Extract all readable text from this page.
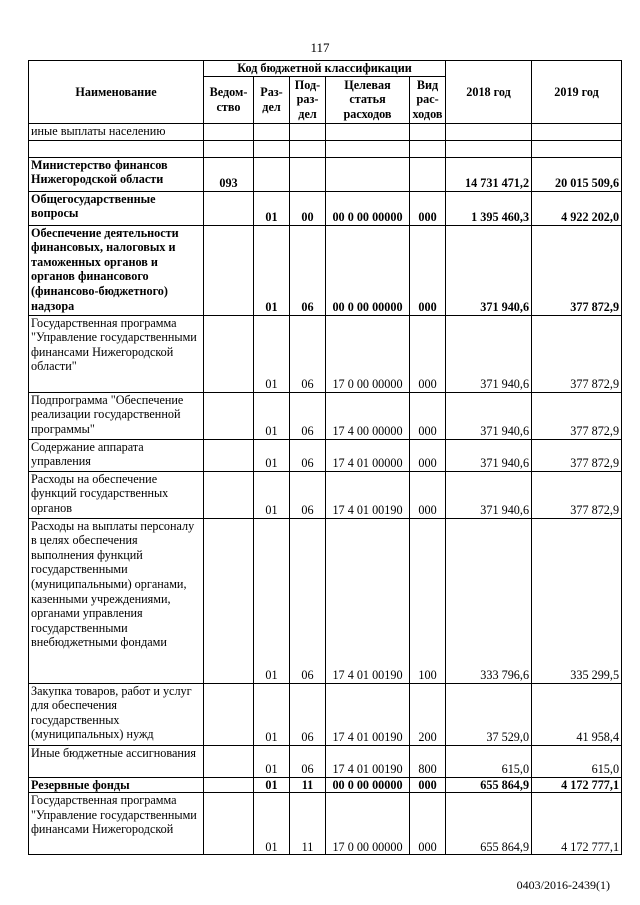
117
Наименование	Код бюджетной классификации					2018 год	2019 год
	Ведом-ство	Раз-дел	Под-раз-дел	Целевая статья расходов	Вид рас-ходов		
иные выплаты населению							

Министерство финансов Нижегородской области	093					14 731 471,2	20 015 509,6
Общегосударственные вопросы		01	00	00 0 00 00000	000	1 395 460,3	4 922 202,0
Обеспечение деятельности финансовых, налоговых и таможенных органов и органов финансового (финансово-бюджетного) надзора		01	06	00 0 00 00000	000	371 940,6	377 872,9
Государственная программа "Управление государственными финансами Нижегородской области"		01	06	17 0 00 00000	000	371 940,6	377 872,9
Подпрограмма "Обеспечение реализации государственной программы"		01	06	17 4 00 00000	000	371 940,6	377 872,9
Содержание аппарата управления		01	06	17 4 01 00000	000	371 940,6	377 872,9
Расходы на обеспечение функций государственных органов		01	06	17 4 01 00190	000	371 940,6	377 872,9
Расходы на выплаты персоналу в целях обеспечения выполнения функций государственными (муниципальными) органами, казенными учреждениями, органами управления государственными внебюджетными фондами		01	06	17 4 01 00190	100	333 796,6	335 299,5
Закупка товаров, работ и услуг для обеспечения государственных (муниципальных) нужд		01	06	17 4 01 00190	200	37 529,0	41 958,4
Иные бюджетные ассигнования		01	06	17 4 01 00190	800	615,0	615,0
Резервные фонды		01	11	00 0 00 00000	000	655 864,9	4 172 777,1
Государственная программа "Управление государственными финансами Нижегородской		01	11	17 0 00 00000	000	655 864,9	4 172 777,1
0403/2016-2439(1)
